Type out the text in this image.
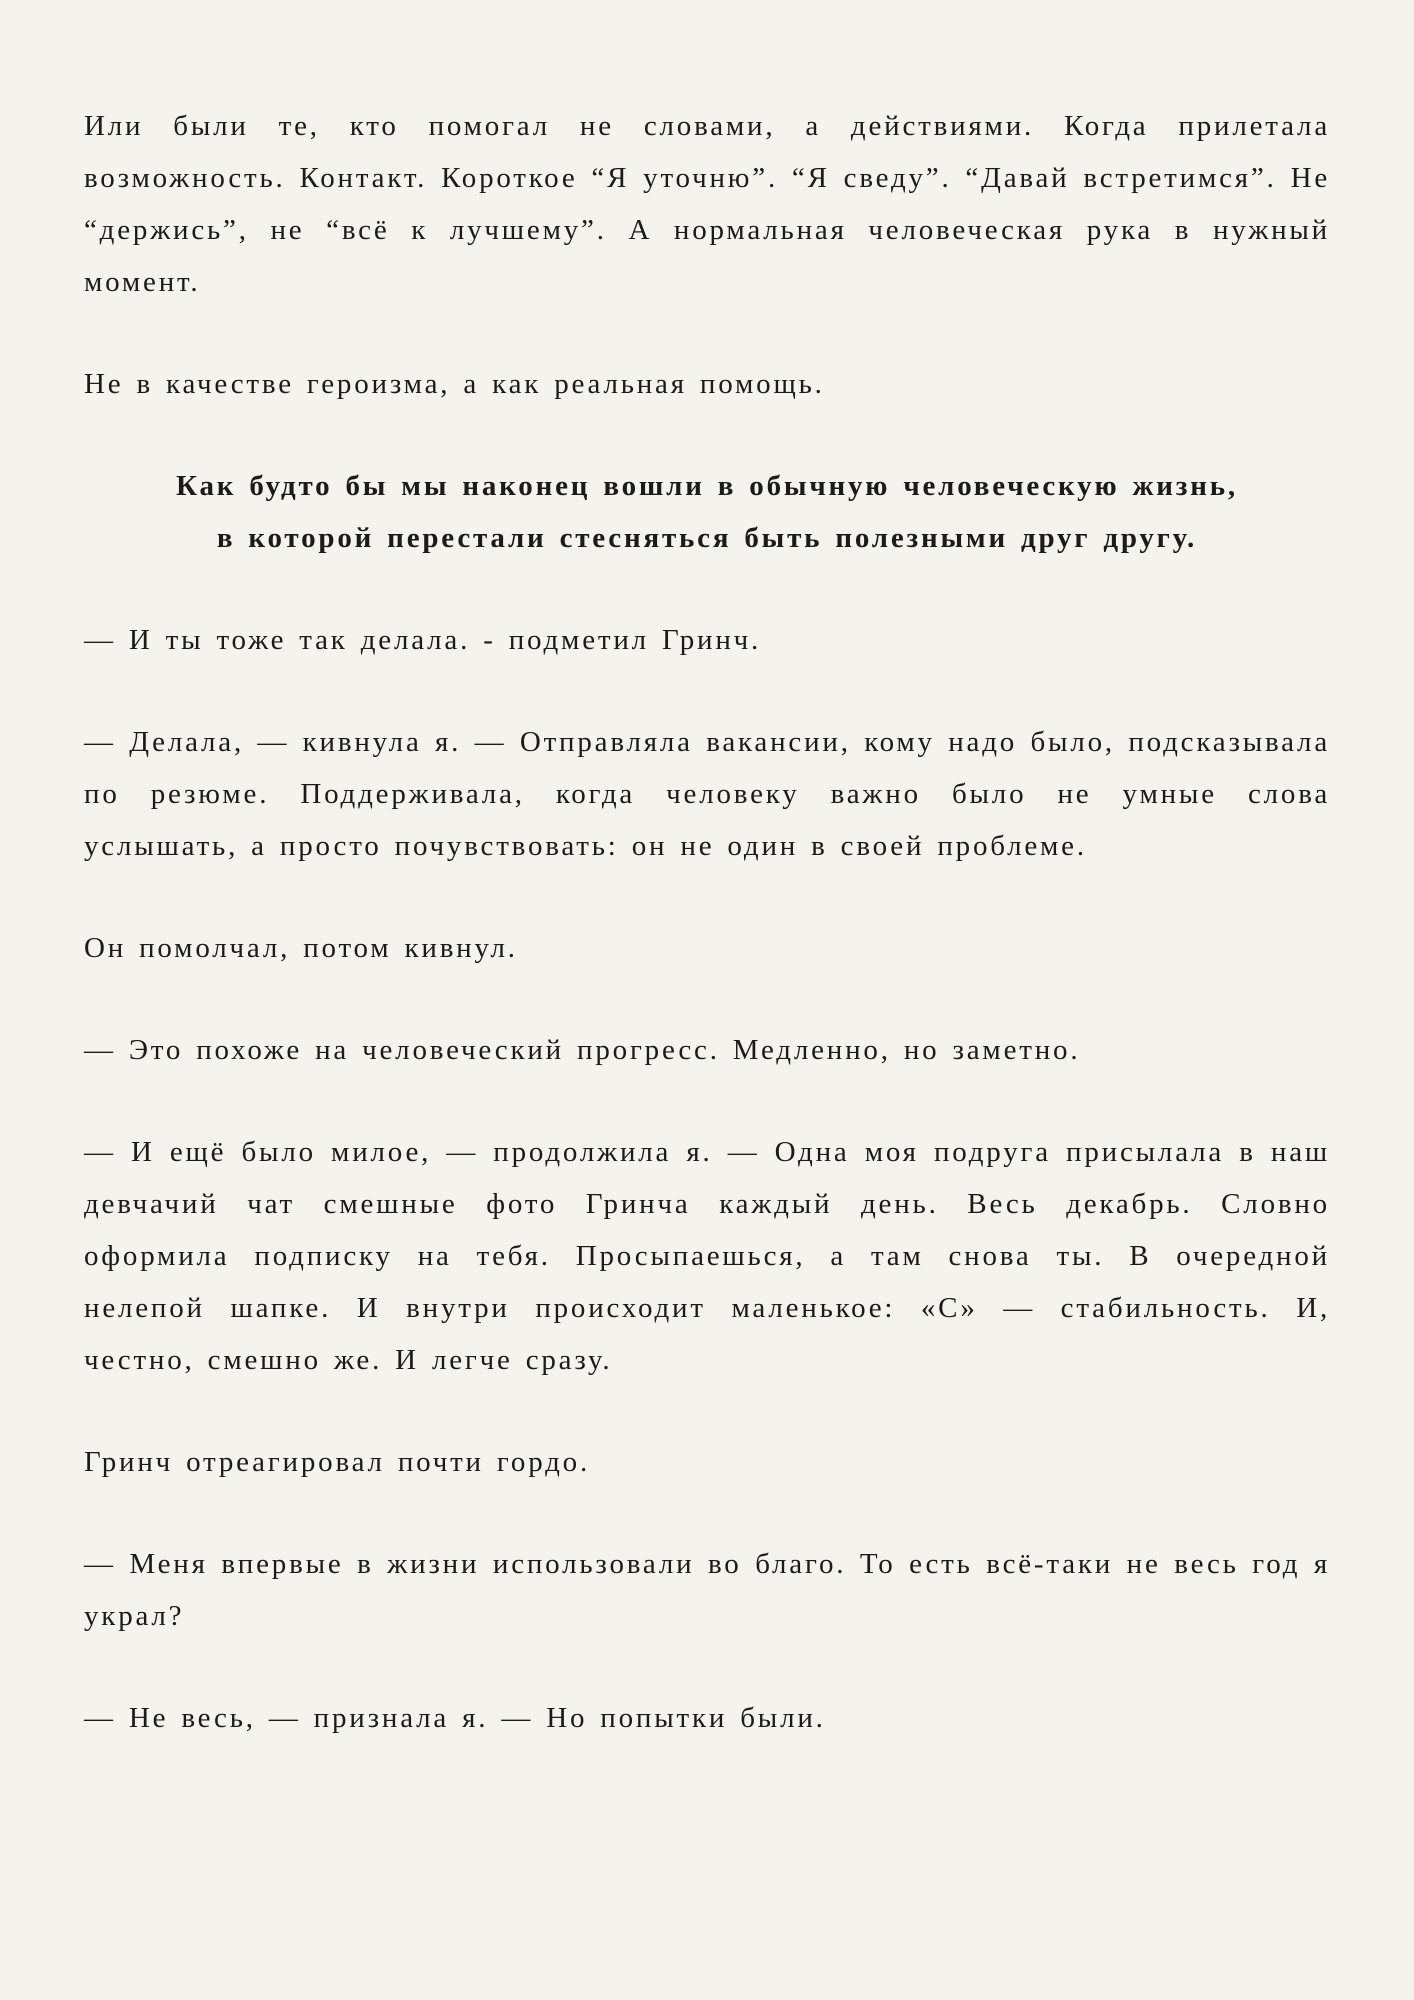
Или были те, кто помогал не словами, а действиями. Когда прилетала возможность. Контакт. Короткое “Я уточню”. “Я сведу”. “Давай встретимся”. Не “держись”, не “всё к лучшему”. А нормальная человеческая рука в нужный момент.

Не в качестве героизма, а как реальная помощь.

Как будто бы мы наконец вошли в обычную человеческую жизнь,
в которой перестали стесняться быть полезными друг другу.

— И ты тоже так делала. - подметил Гринч.

— Делала, — кивнула я. — Отправляла вакансии, кому надо было, подсказывала по резюме. Поддерживала, когда человеку важно было не умные слова услышать, а просто почувствовать: он не один в своей проблеме.

Он помолчал, потом кивнул.

— Это похоже на человеческий прогресс. Медленно, но заметно.

— И ещё было милое, — продолжила я. — Одна моя подруга присылала в наш девчачий чат смешные фото Гринча каждый день. Весь декабрь. Словно оформила подписку на тебя. Просыпаешься, а там снова ты. В очередной нелепой шапке. И внутри происходит маленькое: «С» — стабильность. И, честно, смешно же. И легче сразу.

Гринч отреагировал почти гордо.

— Меня впервые в жизни использовали во благо. То есть всё-таки не весь год я украл?

— Не весь, — признала я. — Но попытки были.
